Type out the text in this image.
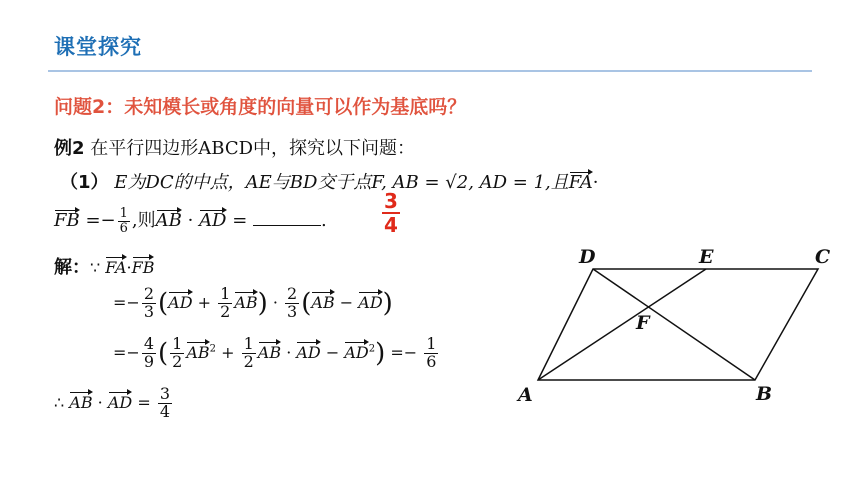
课堂探究
问题2：未知模长或角度的向量可以作为基底吗？
例2 在平行四边形ABCD中，探究以下问题：
（1） E为DC的中点，AE与BD交于点F, AB = √2, AD = 1,且FA·
FB =− $\frac{1}{6}$ ,则AB · AD =	.	$\frac{3}{4}$
解：∵ FA·FB
=− $\frac{2}{3} (AD + \frac{1}{2} AB) \cdot \frac{2}{3} (AB - AD)$
=− $\frac{4}{9}$ ( $\frac{1}{2} AB^2 + \frac{1}{2}$ AB · AD − $AD^2) =- \frac{1}{6}$
∴ AB · AD = $\frac{3}{4}$	A	B
C
D	E
F
